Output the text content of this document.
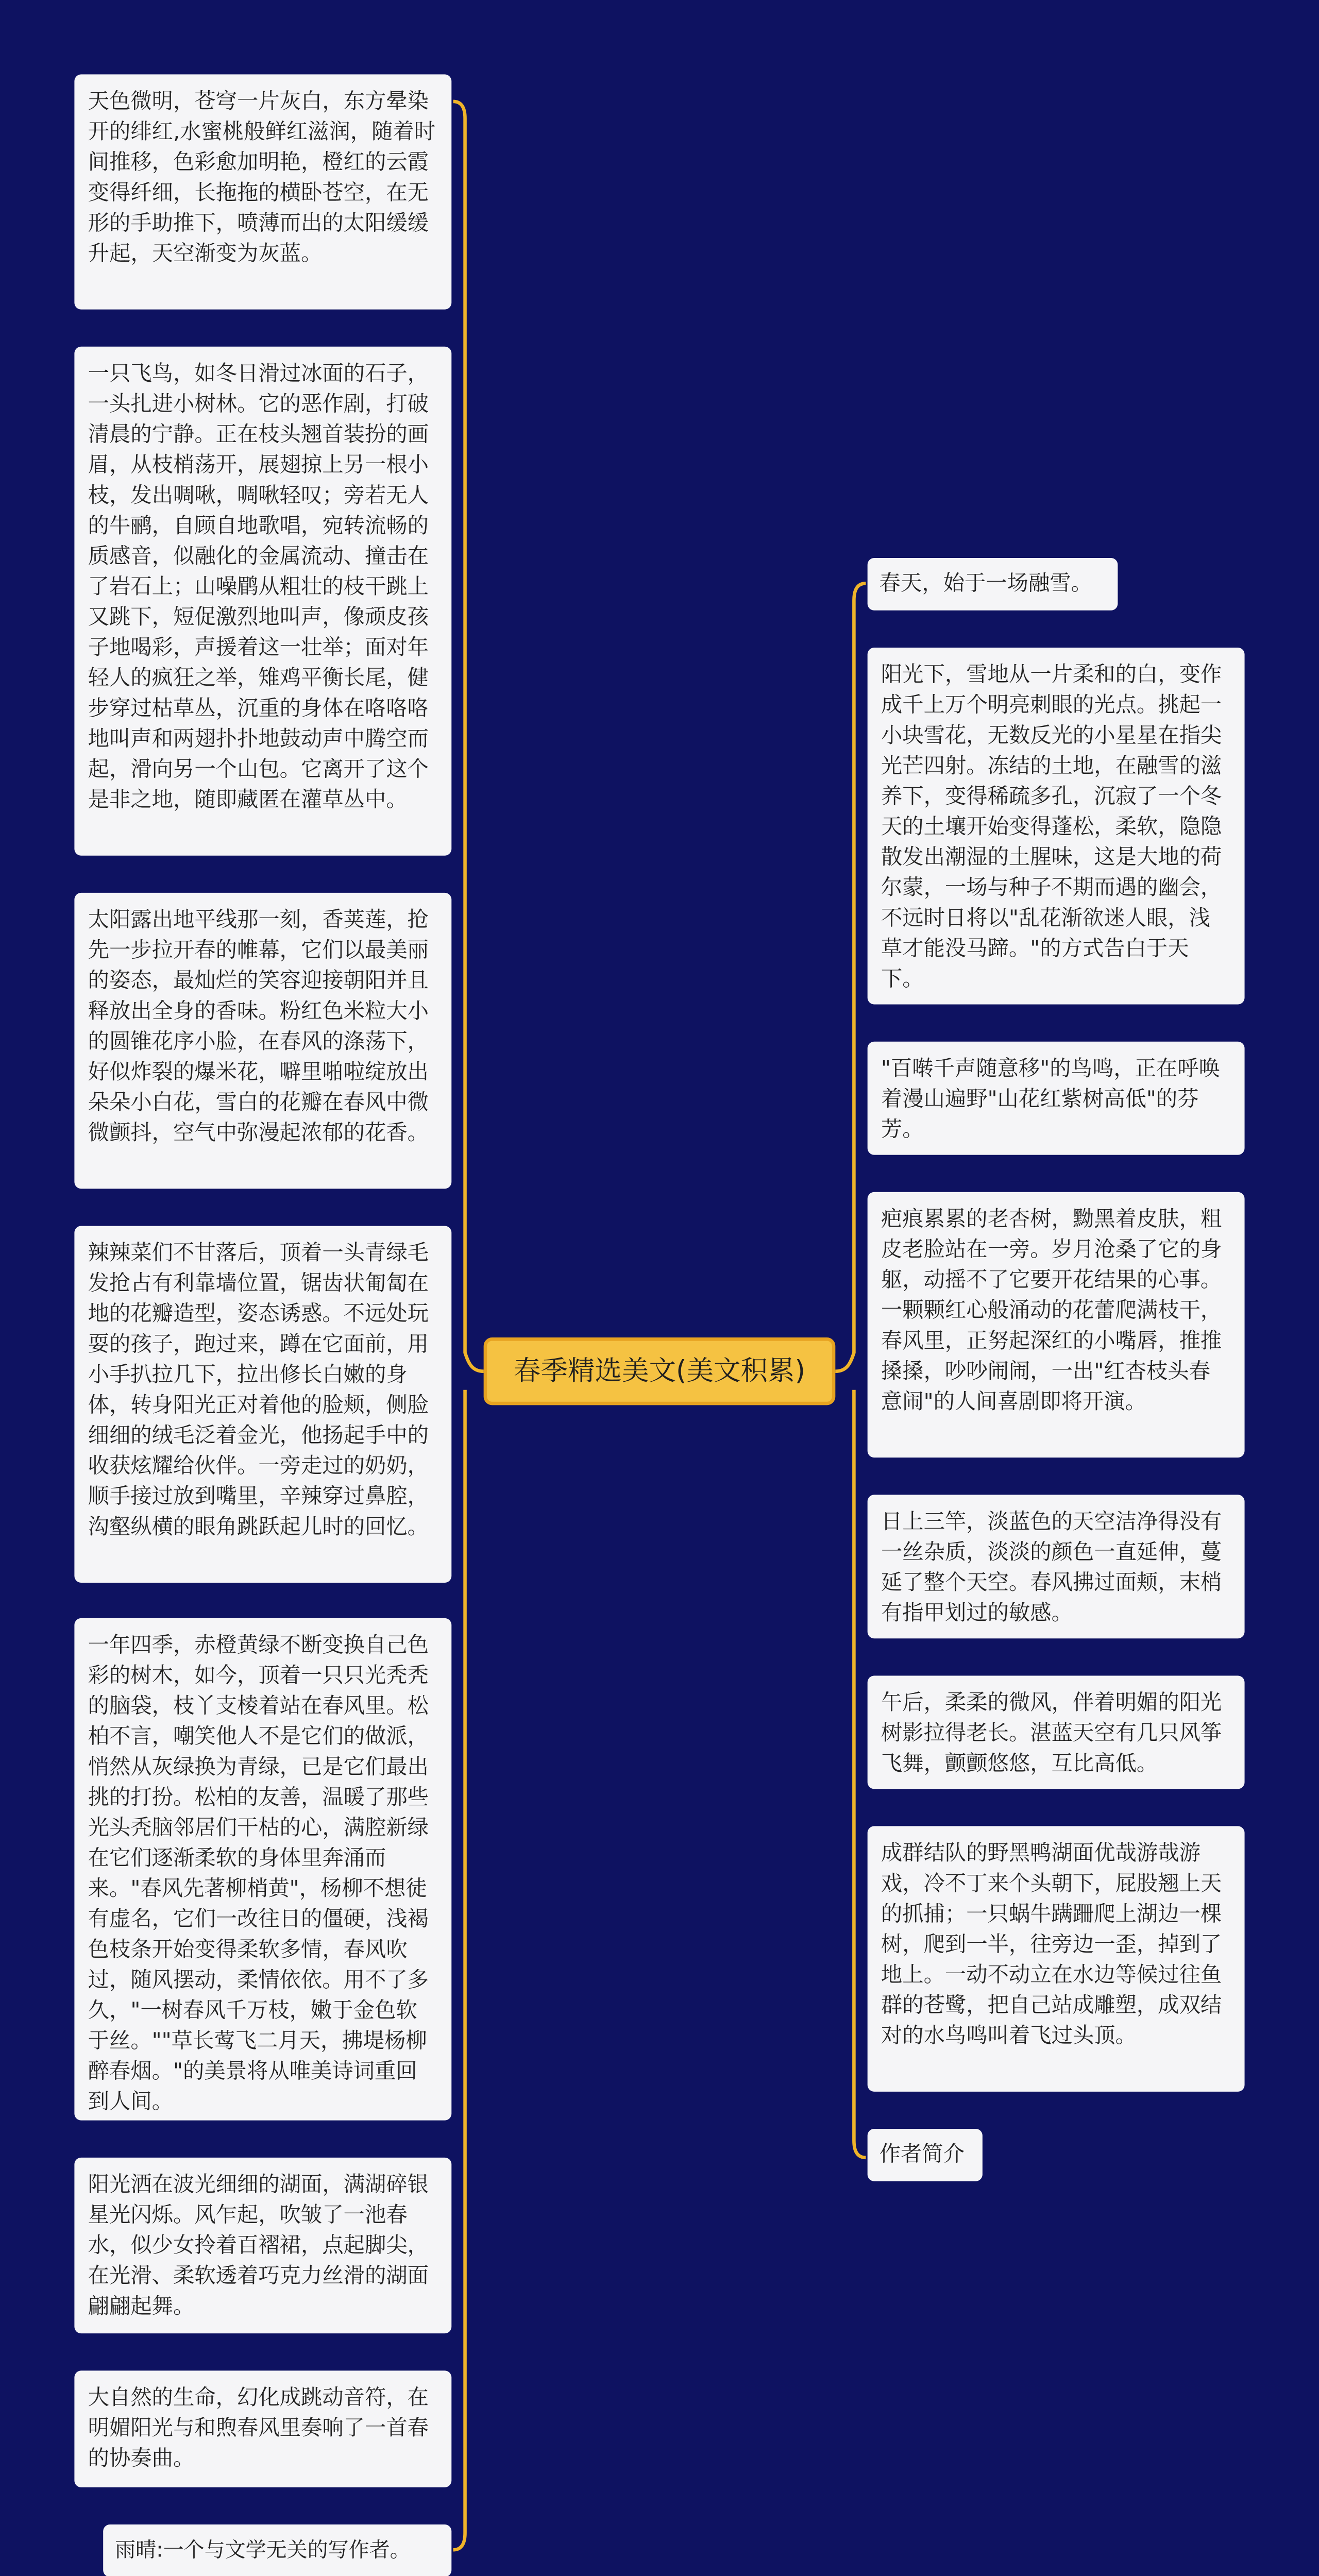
春季精选美文(美文积累)
天色微明，苍穹一片灰白，东方晕染开的绯红,水蜜桃般鲜红滋润，随着时间推移，色彩愈加明艳，橙红的云霞变得纤细，长拖拖的横卧苍空，在无形的手助推下，喷薄而出的太阳缓缓升起，天空渐变为灰蓝。
一只飞鸟，如冬日滑过冰面的石子，一头扎进小树林。它的恶作剧，打破清晨的宁静。正在枝头翘首装扮的画眉，从枝梢荡开，展翅掠上另一根小枝，发出啁啾，啁啾轻叹；旁若无人的牛鹂，自顾自地歌唱，宛转流畅的质感音，似融化的金属流动、撞击在了岩石上；山噪鹛从粗壮的枝干跳上又跳下，短促激烈地叫声，像顽皮孩子地喝彩，声援着这一壮举；面对年轻人的疯狂之举，雉鸡平衡长尾，健步穿过枯草丛，沉重的身体在咯咯咯地叫声和两翅扑扑地鼓动声中腾空而起，滑向另一个山包。它离开了这个是非之地，随即藏匿在灌草丛中。
太阳露出地平线那一刻，香荚莲，抢先一步拉开春的帷幕，它们以最美丽的姿态，最灿烂的笑容迎接朝阳并且释放出全身的香味。粉红色米粒大小的圆锥花序小脸，在春风的涤荡下，好似炸裂的爆米花，噼里啪啦绽放出朵朵小白花，雪白的花瓣在春风中微微颤抖，空气中弥漫起浓郁的花香。
辣辣菜们不甘落后，顶着一头青绿毛发抢占有利靠墙位置，锯齿状匍匐在地的花瓣造型，姿态诱惑。不远处玩耍的孩子，跑过来，蹲在它面前，用小手扒拉几下，拉出修长白嫩的身体，转身阳光正对着他的脸颊，侧脸细细的绒毛泛着金光，他扬起手中的收获炫耀给伙伴。一旁走过的奶奶，顺手接过放到嘴里，辛辣穿过鼻腔，沟壑纵横的眼角跳跃起儿时的回忆。
一年四季，赤橙黄绿不断变换自己色彩的树木，如今，顶着一只只光秃秃的脑袋，枝丫支棱着站在春风里。松柏不言，嘲笑他人不是它们的做派，悄然从灰绿换为青绿，已是它们最出挑的打扮。松柏的友善，温暖了那些光头秃脑邻居们干枯的心，满腔新绿在它们逐渐柔软的身体里奔涌而来。"春风先著柳梢黄"，杨柳不想徒有虚名，它们一改往日的僵硬，浅褐色枝条开始变得柔软多情，春风吹过，随风摆动，柔情依依。用不了多久，"一树春风千万枝，嫩于金色软于丝。""草长莺飞二月天，拂堤杨柳醉春烟。"的美景将从唯美诗词重回到人间。
阳光洒在波光细细的湖面，满湖碎银星光闪烁。风乍起，吹皱了一池春水，似少女拎着百褶裙，点起脚尖，在光滑、柔软透着巧克力丝滑的湖面翩翩起舞。
大自然的生命，幻化成跳动音符，在明媚阳光与和煦春风里奏响了一首春的协奏曲。
雨晴:一个与文学无关的写作者。
春天，始于一场融雪。
阳光下，雪地从一片柔和的白，变作成千上万个明亮刺眼的光点。挑起一小块雪花，无数反光的小星星在指尖光芒四射。冻结的土地，在融雪的滋养下，变得稀疏多孔，沉寂了一个冬天的土壤开始变得蓬松，柔软，隐隐散发出潮湿的土腥味，这是大地的荷尔蒙，一场与种子不期而遇的幽会，不远时日将以"乱花渐欲迷人眼，浅草才能没马蹄。"的方式告白于天下。
"百啭千声随意移"的鸟鸣，正在呼唤着漫山遍野"山花红紫树高低"的芬芳。
疤痕累累的老杏树，黝黑着皮肤，粗皮老脸站在一旁。岁月沧桑了它的身躯，动摇不了它要开花结果的心事。一颗颗红心般涌动的花蕾爬满枝干，春风里，正努起深红的小嘴唇，推推搡搡，吵吵闹闹，一出"红杏枝头春意闹"的人间喜剧即将开演。
日上三竿，淡蓝色的天空洁净得没有一丝杂质，淡淡的颜色一直延伸，蔓延了整个天空。春风拂过面颊，末梢有指甲划过的敏感。
午后，柔柔的微风，伴着明媚的阳光树影拉得老长。湛蓝天空有几只风筝飞舞，颤颤悠悠，互比高低。
成群结队的野黑鸭湖面优哉游哉游戏，冷不丁来个头朝下，屁股翘上天的抓捕；一只蜗牛蹒跚爬上湖边一棵树，爬到一半，往旁边一歪，掉到了地上。一动不动立在水边等候过往鱼群的苍鹭，把自己站成雕塑，成双结对的水鸟鸣叫着飞过头顶。
作者简介
